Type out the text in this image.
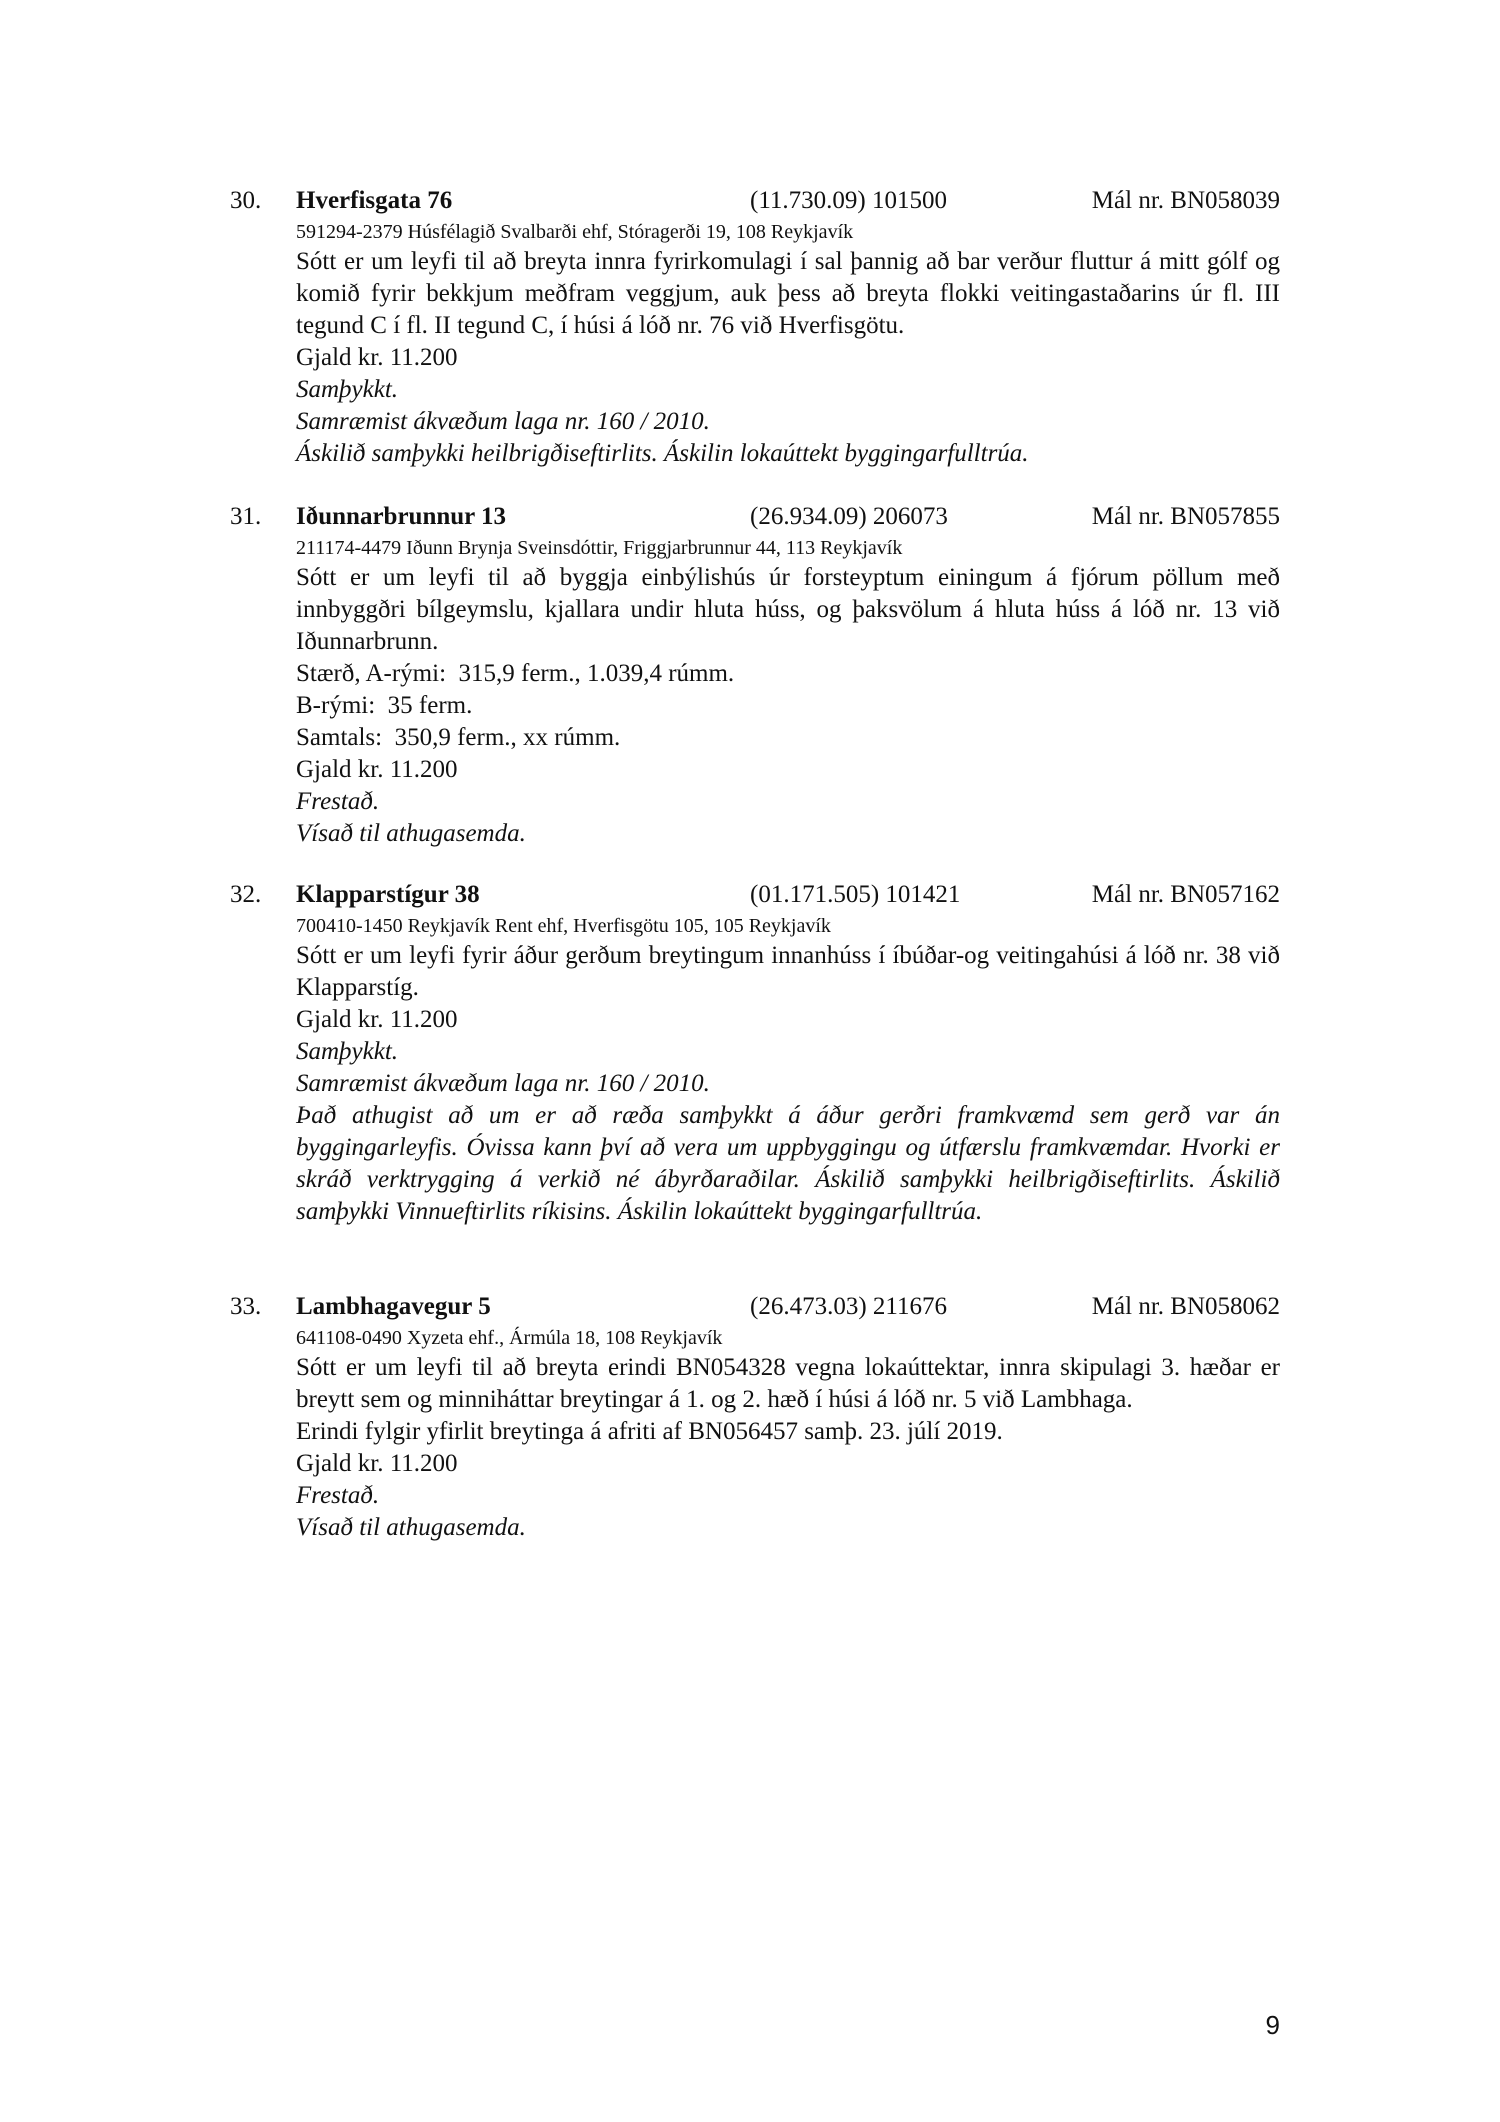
30. Hverfisgata 76	(11.730.09) 101500	Mál nr. BN058039
591294-2379 Húsfélagið Svalbarði ehf, Stóragerði 19, 108 Reykjavík
Sótt er um leyfi til að breyta innra fyrirkomulagi í sal þannig að bar verður fluttur á mitt gólf og komið fyrir bekkjum meðfram veggjum, auk þess að breyta flokki veitingastaðarins úr fl. III tegund C í fl. II tegund C, í húsi á lóð nr. 76 við Hverfisgötu.
Gjald kr. 11.200
Samþykkt.
Samræmist ákvæðum laga nr. 160 / 2010.
Áskilið samþykki heilbrigðiseftirlits. Áskilin lokaúttekt byggingarfulltrúa.
31. Iðunnarbrunnur 13	(26.934.09) 206073	Mál nr. BN057855
211174-4479 Iðunn Brynja Sveinsdóttir, Friggjarbrunnur 44, 113 Reykjavík
Sótt er um leyfi til að byggja einbýlishús úr forsteyptum einingum á fjórum pöllum með innbyggðri bílgeymslu, kjallara undir hluta húss, og þaksvölum á hluta húss á lóð nr. 13 við Iðunnarbrunn.
Stærð, A-rými:  315,9 ferm., 1.039,4 rúmm.
B-rými:  35 ferm.
Samtals:  350,9 ferm., xx rúmm.
Gjald kr. 11.200
Frestað.
Vísað til athugasemda.
32. Klapparstígur 38	(01.171.505) 101421	Mál nr. BN057162
700410-1450 Reykjavík Rent ehf, Hverfisgötu 105, 105 Reykjavík
Sótt er um leyfi fyrir áður gerðum breytingum innanhúss í íbúðar-og veitingahúsi á lóð nr. 38 við Klapparstíg.
Gjald kr. 11.200
Samþykkt.
Samræmist ákvæðum laga nr. 160 / 2010.
Það athugist að um er að ræða samþykkt á áður gerðri framkvæmd sem gerð var án byggingarleyfis. Óvissa kann því að vera um uppbyggingu og útfærslu framkvæmdar. Hvorki er skráð verktrygging á verkið né ábyrðaraðilar. Áskilið samþykki heilbrigðiseftirlits. Áskilið samþykki Vinnueftirlits ríkisins. Áskilin lokaúttekt byggingarfulltrúa.
33. Lambhagavegur 5	(26.473.03) 211676	Mál nr. BN058062
641108-0490 Xyzeta ehf., Ármúla 18, 108 Reykjavík
Sótt er um leyfi til að breyta erindi BN054328 vegna lokaúttektar, innra skipulagi 3. hæðar er breytt sem og minniháttar breytingar á 1. og 2. hæð í húsi á lóð nr. 5 við Lambhaga.
Erindi fylgir yfirlit breytinga á afriti af BN056457 samþ. 23. júlí 2019.
Gjald kr. 11.200
Frestað.
Vísað til athugasemda.
9
